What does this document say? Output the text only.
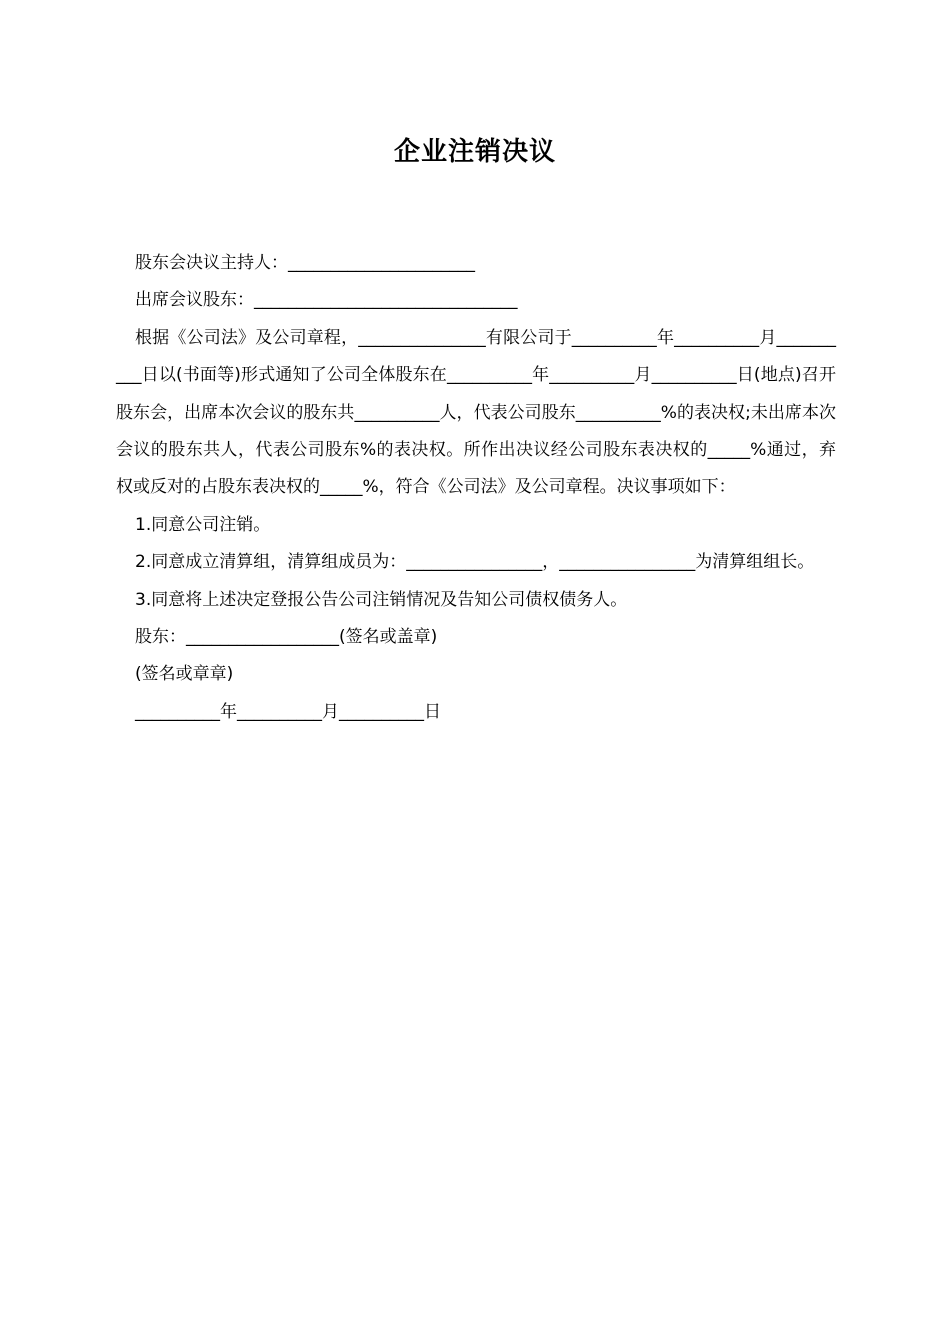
企业注销决议

股东会决议主持人：______________________

出席会议股东：_______________________________

根据《公司法》及公司章程，_______________有限公司于__________年__________月__________日以(书面等)形式通知了公司全体股东在__________年__________月__________日(地点)召开股东会，出席本次会议的股东共__________人，代表公司股东__________%的表决权;未出席本次会议的股东共人，代表公司股东%的表决权。所作出决议经公司股东表决权的_____%通过，弃权或反对的占股东表决权的_____%，符合《公司法》及公司章程。决议事项如下：

1.同意公司注销。

2.同意成立清算组，清算组成员为：________________，________________为清算组组长。

3.同意将上述决定登报公告公司注销情况及告知公司债权债务人。

股东：__________________(签名或盖章)

(签名或章章)

__________年__________月__________日
